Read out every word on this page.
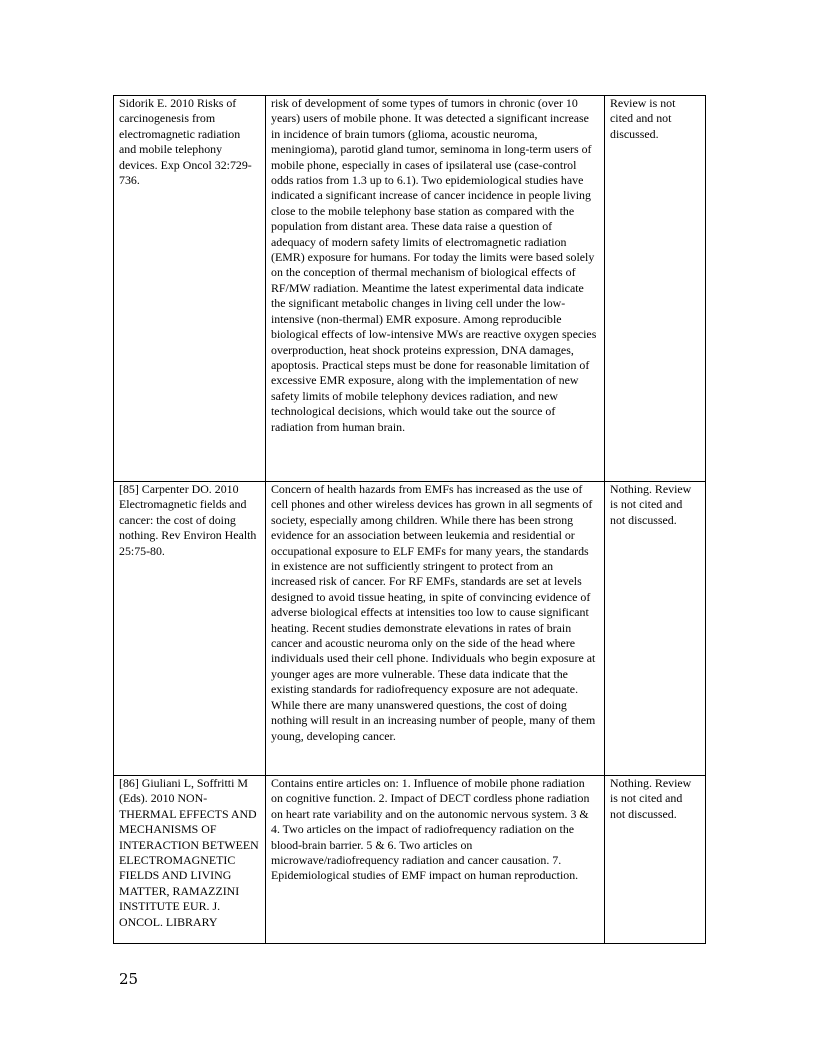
Sidorik E. 2010 Risks of carcinogenesis from electromagnetic radiation and mobile telephony devices. Exp Oncol 32:729-736.	risk of development of some types of tumors in chronic (over 10 years) users of mobile phone. It was detected a significant increase in incidence of brain tumors (glioma, acoustic neuroma, meningioma), parotid gland tumor, seminoma in long-term users of mobile phone, especially in cases of ipsilateral use (case-control odds ratios from 1.3 up to 6.1). Two epidemiological studies have indicated a significant increase of cancer incidence in people living close to the mobile telephony base station as compared with the population from distant area. These data raise a question of adequacy of modern safety limits of electromagnetic radiation (EMR) exposure for humans. For today the limits were based solely on the conception of thermal mechanism of biological effects of RF/MW radiation. Meantime the latest experimental data indicate the significant metabolic changes in living cell under the low-intensive (non-thermal) EMR exposure. Among reproducible biological effects of low-intensive MWs are reactive oxygen species overproduction, heat shock proteins expression, DNA damages, apoptosis. Practical steps must be done for reasonable limitation of excessive EMR exposure, along with the implementation of new safety limits of mobile telephony devices radiation, and new technological decisions, which would take out the source of radiation from human brain.	Review is not cited and not discussed.

[85] Carpenter DO. 2010 Electromagnetic fields and cancer: the cost of doing nothing. Rev Environ Health 25:75-80.	Concern of health hazards from EMFs has increased as the use of cell phones and other wireless devices has grown in all segments of society, especially among children. While there has been strong evidence for an association between leukemia and residential or occupational exposure to ELF EMFs for many years, the standards in existence are not sufficiently stringent to protect from an increased risk of cancer. For RF EMFs, standards are set at levels designed to avoid tissue heating, in spite of convincing evidence of adverse biological effects at intensities too low to cause significant heating. Recent studies demonstrate elevations in rates of brain cancer and acoustic neuroma only on the side of the head where individuals used their cell phone. Individuals who begin exposure at younger ages are more vulnerable. These data indicate that the existing standards for radiofrequency exposure are not adequate. While there are many unanswered questions, the cost of doing nothing will result in an increasing number of people, many of them young, developing cancer.	Nothing. Review is not cited and not discussed.

[86] Giuliani L, Soffritti M (Eds). 2010 NON-THERMAL EFFECTS AND MECHANISMS OF INTERACTION BETWEEN ELECTROMAGNETIC FIELDS AND LIVING MATTER, RAMAZZINI INSTITUTE EUR. J. ONCOL. LIBRARY	Contains entire articles on: 1. Influence of mobile phone radiation on cognitive function. 2. Impact of DECT cordless phone radiation on heart rate variability and on the autonomic nervous system. 3 & 4. Two articles on the impact of radiofrequency radiation on the blood-brain barrier. 5 & 6. Two articles on microwave/radiofrequency radiation and cancer causation. 7. Epidemiological studies of EMF impact on human reproduction.	Nothing. Review is not cited and not discussed.
25
